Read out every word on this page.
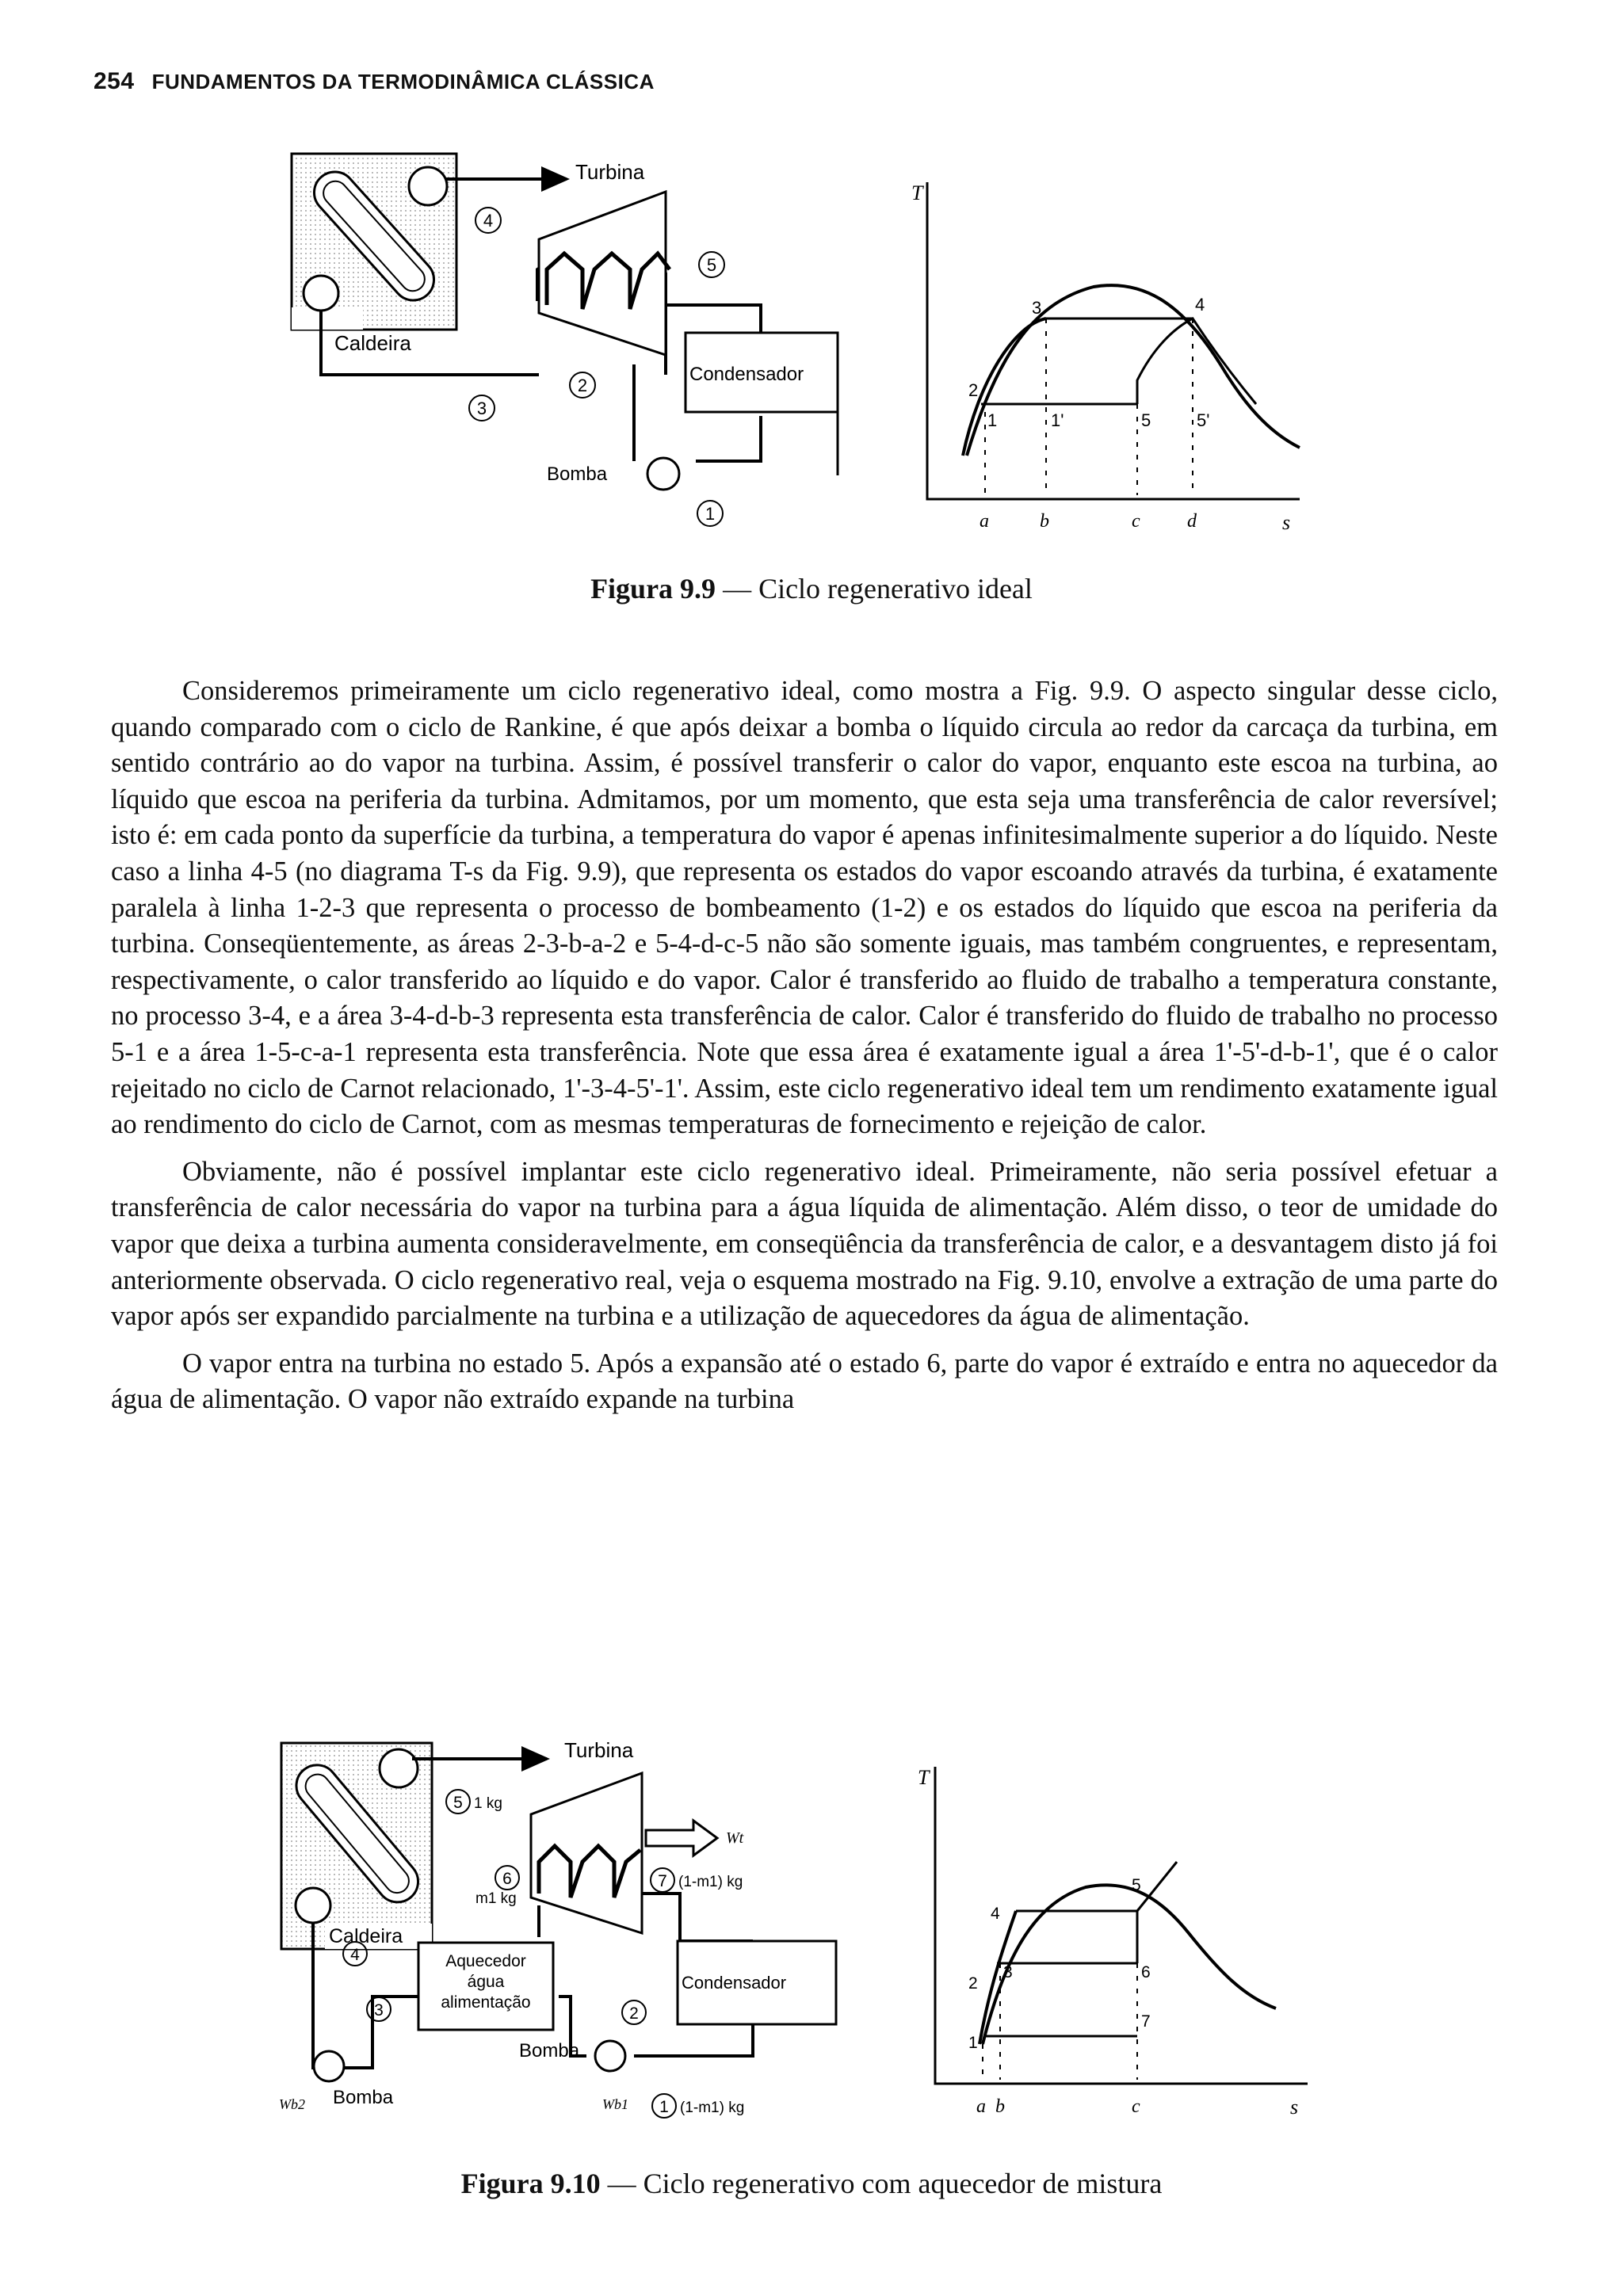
254 FUNDAMENTOS DA TERMODINÂMICA CLÁSSICA
4
5
2
3
1
Turbina
Caldeira
Condensador
Bomba
T
s
3	4
2
1	1'	5	5'
a	b	c d
Figura 9.9 — Ciclo regenerativo ideal

Consideremos primeiramente um ciclo regenerativo ideal, como mostra a Fig. 9.9. O aspecto singular desse ciclo, quando comparado com o ciclo de Rankine, é que após deixar a bomba o líquido circula ao redor da carcaça da turbina, em sentido contrário ao do vapor na turbina. Assim, é possível transferir o calor do vapor, enquanto este escoa na turbina, ao líquido que escoa na periferia da turbina. Admitamos, por um momento, que esta seja uma transferência de calor reversível; isto é: em cada ponto da superfície da turbina, a temperatura do vapor é apenas infinitesimalmente superior a do líquido. Neste caso a linha 4-5 (no diagrama T-s da Fig. 9.9), que representa os estados do vapor escoando através da turbina, é exatamente paralela à linha 1-2-3 que representa o processo de bombeamento (1-2) e os estados do líquido que escoa na periferia da turbina. Conseqüentemente, as áreas 2-3-b-a-2 e 5-4-d-c-5 não são somente iguais, mas também congruentes, e representam, respectivamente, o calor transferido ao líquido e do vapor. Calor é transferido ao fluido de trabalho a temperatura constante, no processo 3-4, e a área 3-4-d-b-3 representa esta transferência de calor. Calor é transferido do fluido de trabalho no processo 5-1 e a área 1-5-c-a-1 representa esta transferência. Note que essa área é exatamente igual a área 1'-5'-d-b-1', que é o calor rejeitado no ciclo de Carnot relacionado, 1'-3-4-5'-1'. Assim, este ciclo regenerativo ideal tem um rendimento exatamente igual ao rendimento do ciclo de Carnot, com as mesmas temperaturas de fornecimento e rejeição de calor.

Obviamente, não é possível implantar este ciclo regenerativo ideal. Primeiramente, não seria possível efetuar a transferência de calor necessária do vapor na turbina para a água líquida de alimentação. Além disso, o teor de umidade do vapor que deixa a turbina aumenta consideravelmente, em conseqüência da transferência de calor, e a desvantagem disto já foi anteriormente observada. O ciclo regenerativo real, veja o esquema mostrado na Fig. 9.10, envolve a extração de uma parte do vapor após ser expandido parcialmente na turbina e a utilização de aquecedores da água de alimentação.

O vapor entra na turbina no estado 5. Após a expansão até o estado 6, parte do vapor é extraído e entra no aquecedor da água de alimentação. O vapor não extraído expande na turbina

5
6	7
4
3	2
1
1 kg
m1 kg
(1-m1) kg
(1-m1) kg
Turbina
Caldeira
Condensador
Aquecedor
água
alimentação
Wt
Bomba
Bomba
Wb2	Wb1
T
s
1
2
3
4
5
6
7
a b	c
Figura 9.10 — Ciclo regenerativo com aquecedor de mistura
